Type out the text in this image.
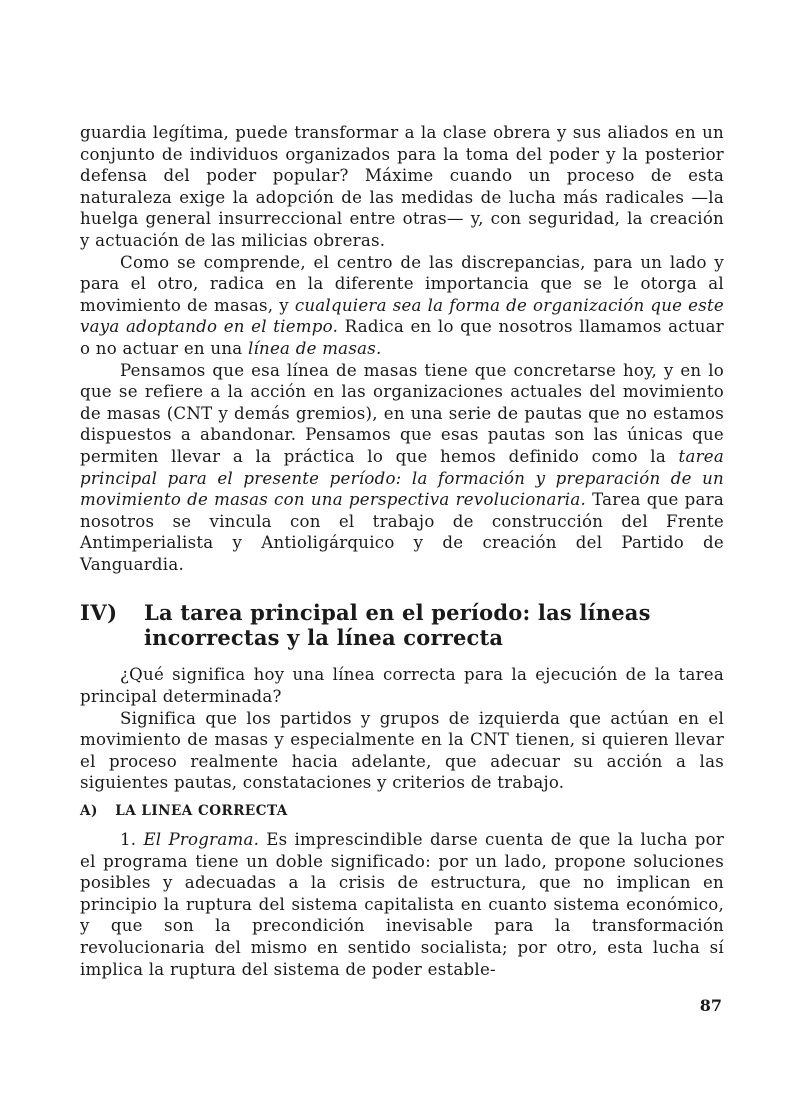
guardia legítima, puede transformar a la clase obrera y sus aliados en un conjunto de individuos organizados para la toma del poder y la posterior defensa del poder popular? Máxime cuando un proceso de esta naturaleza exige la adopción de las medidas de lucha más radicales —la huelga general insurreccional entre otras— y, con seguridad, la creación y actuación de las milicias obreras.

Como se comprende, el centro de las discrepancias, para un lado y para el otro, radica en la diferente importancia que se le otorga al movimiento de masas, y cualquiera sea la forma de organización que este vaya adoptando en el tiempo. Radica en lo que nosotros llamamos actuar o no actuar en una línea de masas.

Pensamos que esa línea de masas tiene que concretarse hoy, y en lo que se refiere a la acción en las organizaciones actuales del movimiento de masas (CNT y demás gremios), en una serie de pautas que no estamos dispuestos a abandonar. Pensamos que esas pautas son las únicas que permiten llevar a la práctica lo que hemos definido como la tarea principal para el presente período: la formación y preparación de un movimiento de masas con una perspectiva revolucionaria. Tarea que para nosotros se vincula con el trabajo de construcción del Frente Antimperialista y Antioligárquico y de creación del Partido de Vanguardia.

IV)	La tarea principal en el período: las líneas
incorrectas y la línea correcta

¿Qué significa hoy una línea correcta para la ejecución de la tarea principal determinada?

Significa que los partidos y grupos de izquierda que actúan en el movimiento de masas y especialmente en la CNT tienen, si quieren llevar el proceso realmente hacia adelante, que adecuar su acción a las siguientes pautas, constataciones y criterios de trabajo.

A) LA LINEA CORRECTA

1. El Programa. Es imprescindible darse cuenta de que la lucha por el programa tiene un doble significado: por un lado, propone soluciones posibles y adecuadas a la crisis de estructura, que no implican en principio la ruptura del sistema capitalista en cuanto sistema económico, y que son la precondición inevisable para la transformación revolucionaria del mismo en sentido socialista; por otro, esta lucha sí implica la ruptura del sistema de poder estable-

87
